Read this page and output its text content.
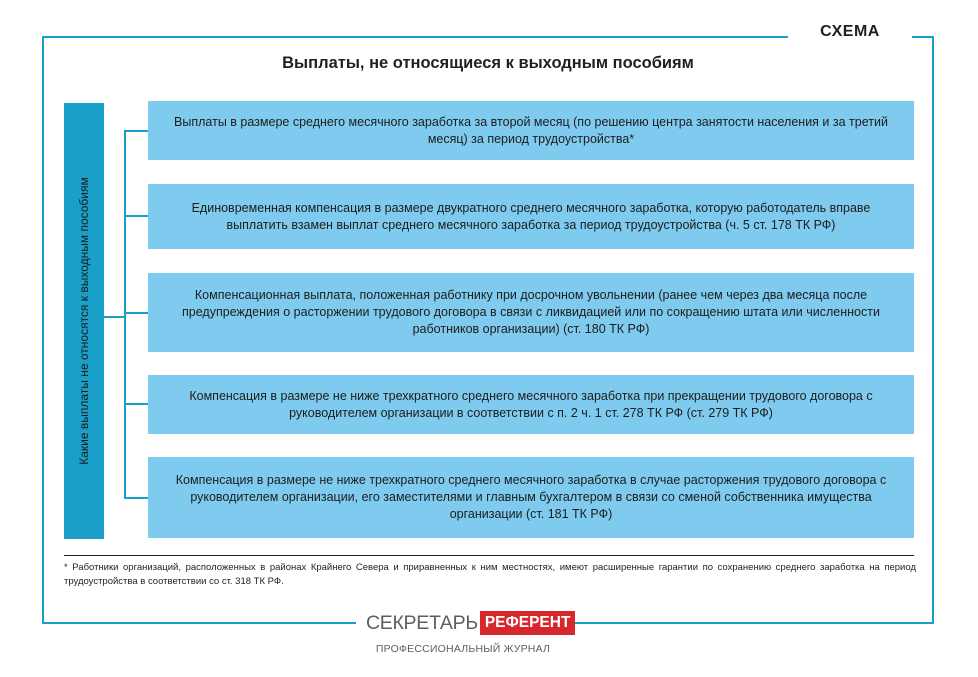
СХЕМА
Выплаты, не относящиеся к выходным пособиям
Какие выплаты не относятся к выходным пособиям
Выплаты в размере среднего месячного заработка за второй месяц (по решению центра занятости населения и за третий месяц) за период трудоустройства*
Единовременная компенсация в размере двукратного среднего месячного заработка, которую работодатель вправе выплатить взамен выплат среднего месячного заработка за период трудоустройства (ч. 5 ст. 178 ТК РФ)
Компенсационная выплата, положенная работнику при досрочном увольнении (ранее чем через два месяца после предупреждения о расторжении трудового договора в связи с ликвидацией или по сокращению штата или численности работников организации) (ст. 180 ТК РФ)
Компенсация в размере не ниже трехкратного среднего месячного заработка при прекращении трудового договора с руководителем организации в соответствии с п. 2 ч. 1 ст. 278 ТК РФ (ст. 279 ТК РФ)
Компенсация в размере не ниже трехкратного среднего месячного заработка в случае расторжения трудового договора с руководителем организации, его заместителями и главным бухгалтером в связи со сменой собственника имущества организации (ст. 181 ТК РФ)
* Работники организаций, расположенных в районах Крайнего Севера и приравненных к ним местностях, имеют расширенные гарантии по сохранению среднего заработка на период трудоустройства в соответствии со ст. 318 ТК РФ.
СЕКРЕТАРЬ РЕФЕРЕНТ
ПРОФЕССИОНАЛЬНЫЙ ЖУРНАЛ
